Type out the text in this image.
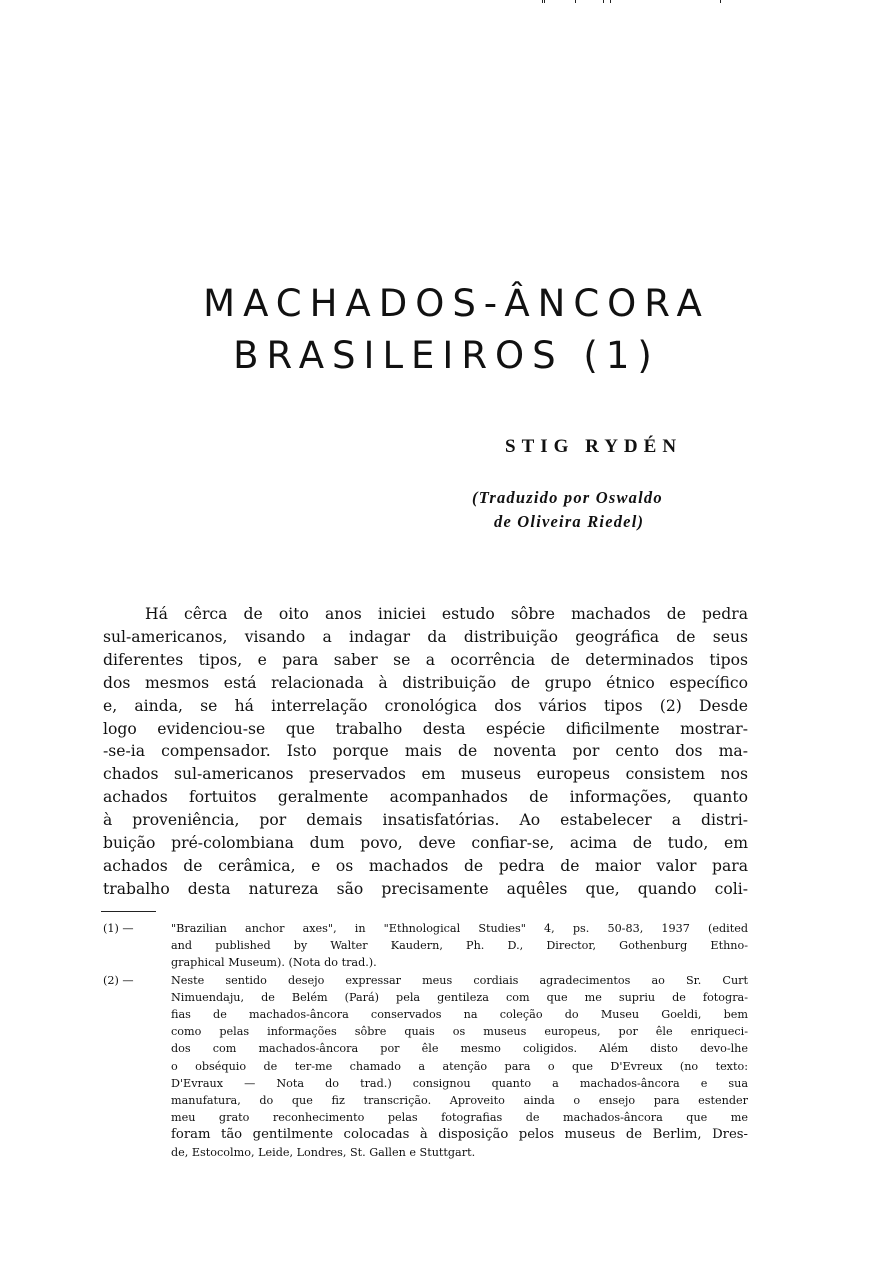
MACHADOS-ÂNCORA
BRASILEIROS (1)
STIG RYDÉN
(Traduzido por Oswaldo
de Oliveira Riedel)
Há cêrca de oito anos iniciei estudo sôbre machados de pedra
sul-americanos, visando a indagar da distribuição geográfica de seus
diferentes tipos, e para saber se a ocorrência de determinados tipos
dos mesmos está relacionada à distribuição de grupo étnico específico
e, ainda, se há interrelação cronológica dos vários tipos (2) Desde
logo evidenciou-se que trabalho desta espécie dificilmente mostrar-
-se-ia compensador. Isto porque mais de noventa por cento dos ma-
chados sul-americanos preservados em museus europeus consistem nos
achados fortuitos geralmente acompanhados de informações, quanto
à proveniência, por demais insatisfatórias. Ao estabelecer a distri-
buição pré-colombiana dum povo, deve confiar-se, acima de tudo, em
achados de cerâmica, e os machados de pedra de maior valor para
trabalho desta natureza são precisamente aquêles que, quando coli-
(1) —	"Brazilian anchor axes", in "Ethnological Studies" 4, ps. 50-83, 1937 (edited
and published by Walter Kaudern, Ph. D., Director, Gothenburg Ethno-
graphical Museum). (Nota do trad.).
(2) —	Neste sentido desejo expressar meus cordiais agradecimentos ao Sr. Curt
Nimuendaju, de Belém (Pará) pela gentileza com que me supriu de fotogra-
fias de machados-âncora conservados na coleção do Museu Goeldi, bem
como pelas informações sôbre quais os museus europeus, por êle enriqueci-
dos com machados-âncora por êle mesmo coligidos. Além disto devo-lhe
o obséquio de ter-me chamado a atenção para o que D'Evreux (no texto:
D'Evraux — Nota do trad.) consignou quanto a machados-âncora e sua
manufatura, do que fiz transcrição. Aproveito ainda o ensejo para estender
meu grato reconhecimento pelas fotografias de machados-âncora que me
foram tão gentilmente colocadas à disposição pelos museus de Berlim, Dres-
de, Estocolmo, Leide, Londres, St. Gallen e Stuttgart.
